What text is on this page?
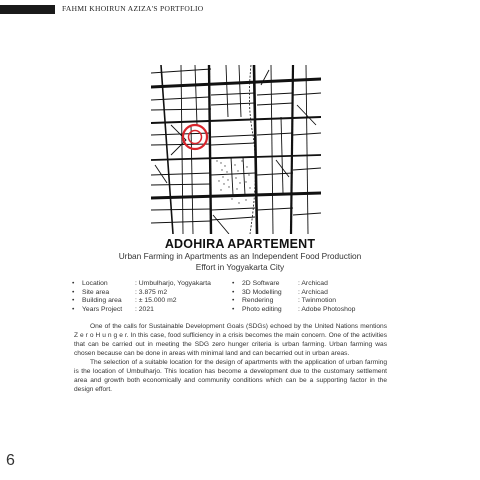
FAHMI KHOIRUN AZIZA'S PORTFOLIO
ADOHIRA APARTEMENT
Urban Farming in Apartments as an Independent Food Production
Effort in Yogyakarta City
•	Location	: Umbulharjo, Yogyakarta
•	Site area	: 3.875 m2
•	Building area	: ± 15.000 m2
•	Years Project	: 2021
•	2D Software	: Archicad
•	3D Modelling	: Archicad
•	Rendering	: Twinmotion
•	Photo editing	: Adobe Photoshop

One of the calls for Sustainable Development Goals (SDGs) echoed by the United Nations mentions Z e r o H u n g e r. In this case, food sufficiency in a crisis becomes the main concern. One of the activities that can be carried out in meeting the SDG zero hunger criteria is urban farming. Urban farming was chosen because can be done in areas with minimal land and can becarried out in urban areas.

The selection of a suitable location for the design of apartments with the application of urban farming is the location of Umbulharjo. This location has become a development due to the customary settlement area and growth both economically and community conditions which can be a supporting factor in the design effort.

6
